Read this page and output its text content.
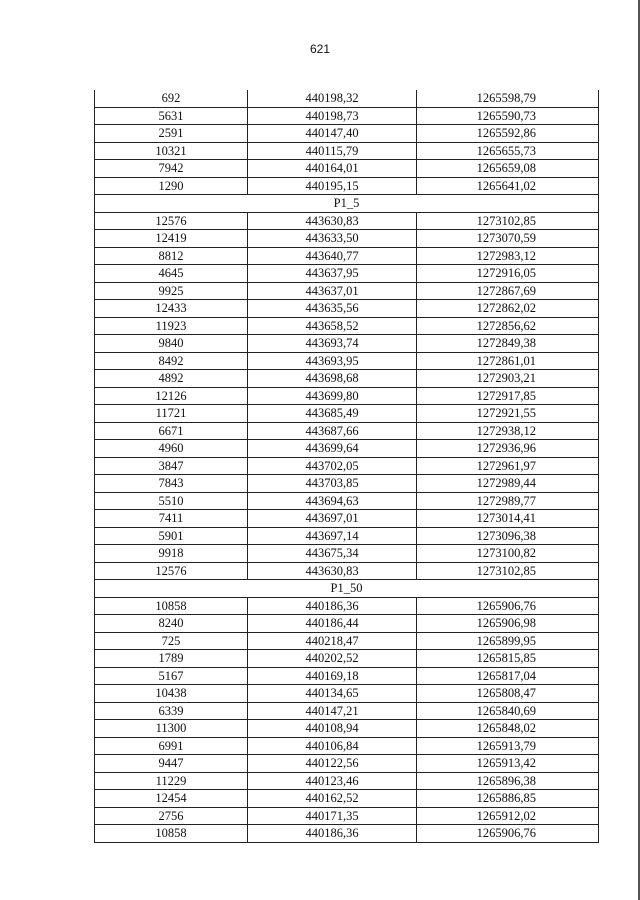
621
692	440198,32	1265598,79
5631	440198,73	1265590,73
2591	440147,40	1265592,86
10321	440115,79	1265655,73
7942	440164,01	1265659,08
1290	440195,15	1265641,02
P1_5		
12576	443630,83	1273102,85
12419	443633,50	1273070,59
8812	443640,77	1272983,12
4645	443637,95	1272916,05
9925	443637,01	1272867,69
12433	443635,56	1272862,02
11923	443658,52	1272856,62
9840	443693,74	1272849,38
8492	443693,95	1272861,01
4892	443698,68	1272903,21
12126	443699,80	1272917,85
11721	443685,49	1272921,55
6671	443687,66	1272938,12
4960	443699,64	1272936,96
3847	443702,05	1272961,97
7843	443703,85	1272989,44
5510	443694,63	1272989,77
7411	443697,01	1273014,41
5901	443697,14	1273096,38
9918	443675,34	1273100,82
12576	443630,83	1273102,85
P1_50		
10858	440186,36	1265906,76
8240	440186,44	1265906,98
725	440218,47	1265899,95
1789	440202,52	1265815,85
5167	440169,18	1265817,04
10438	440134,65	1265808,47
6339	440147,21	1265840,69
11300	440108,94	1265848,02
6991	440106,84	1265913,79
9447	440122,56	1265913,42
11229	440123,46	1265896,38
12454	440162,52	1265886,85
2756	440171,35	1265912,02
10858	440186,36	1265906,76
